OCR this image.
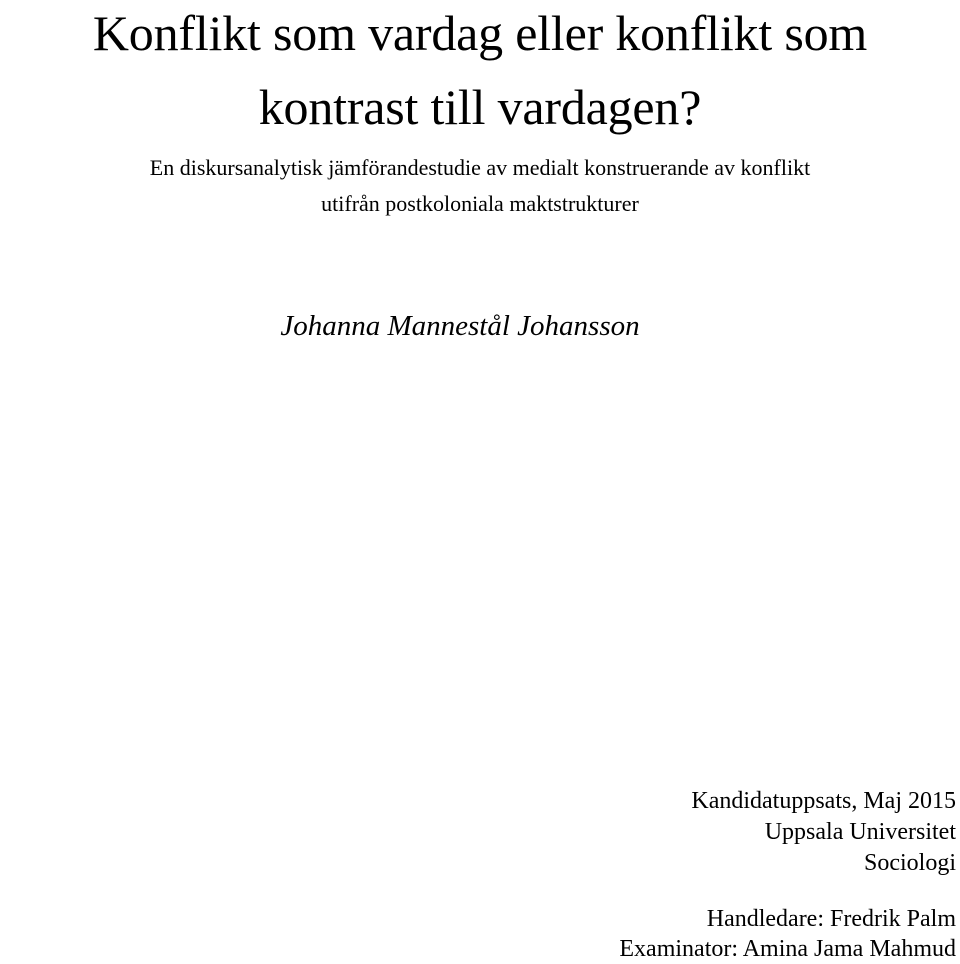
Konflikt som vardag eller konflikt som
kontrast till vardagen?

En diskursanalytisk jämförandestudie av medialt konstruerande av konflikt
utifrån postkoloniala maktstrukturer

Johanna Mannestål Johansson

Kandidatuppsats, Maj 2015
Uppsala Universitet
Sociologi

Handledare: Fredrik Palm
Examinator: Amina Jama Mahmud
